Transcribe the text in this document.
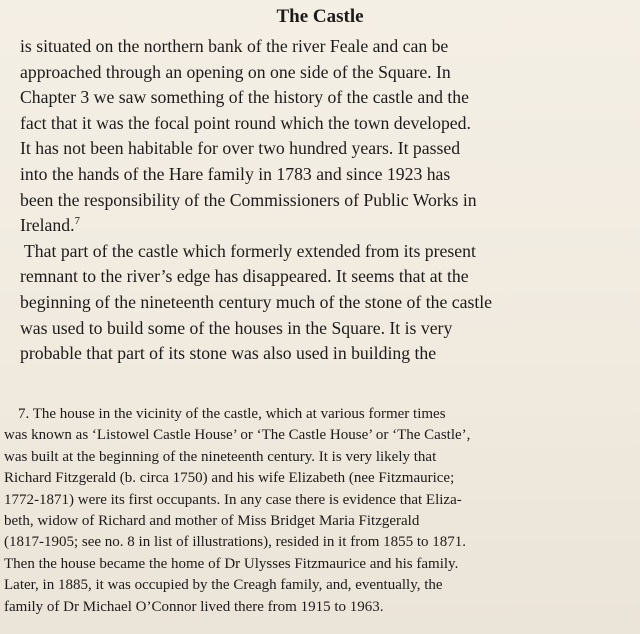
The Castle
is situated on the northern bank of the river Feale and can be
approached through an opening on one side of the Square. In
Chapter 3 we saw something of the history of the castle and the
fact that it was the focal point round which the town developed.
It has not been habitable for over two hundred years. It passed
into the hands of the Hare family in 1783 and since 1923 has
been the responsibility of the Commissioners of Public Works in
Ireland.$^7$
That part of the castle which formerly extended from its present
remnant to the river’s edge has disappeared. It seems that at the
beginning of the nineteenth century much of the stone of the castle
was used to build some of the houses in the Square. It is very
probable that part of its stone was also used in building the
7. The house in the vicinity of the castle, which at various former times
was known as ‘Listowel Castle House’ or ‘The Castle House’ or ‘The Castle’,
was built at the beginning of the nineteenth century. It is very likely that
Richard Fitzgerald (b. circa 1750) and his wife Elizabeth (nee Fitzmaurice;
1772-1871) were its first occupants. In any case there is evidence that Eliza-
beth, widow of Richard and mother of Miss Bridget Maria Fitzgerald
(1817-1905; see no. 8 in list of illustrations), resided in it from 1855 to 1871.
Then the house became the home of Dr Ulysses Fitzmaurice and his family.
Later, in 1885, it was occupied by the Creagh family, and, eventually, the
family of Dr Michael O’Connor lived there from 1915 to 1963.
